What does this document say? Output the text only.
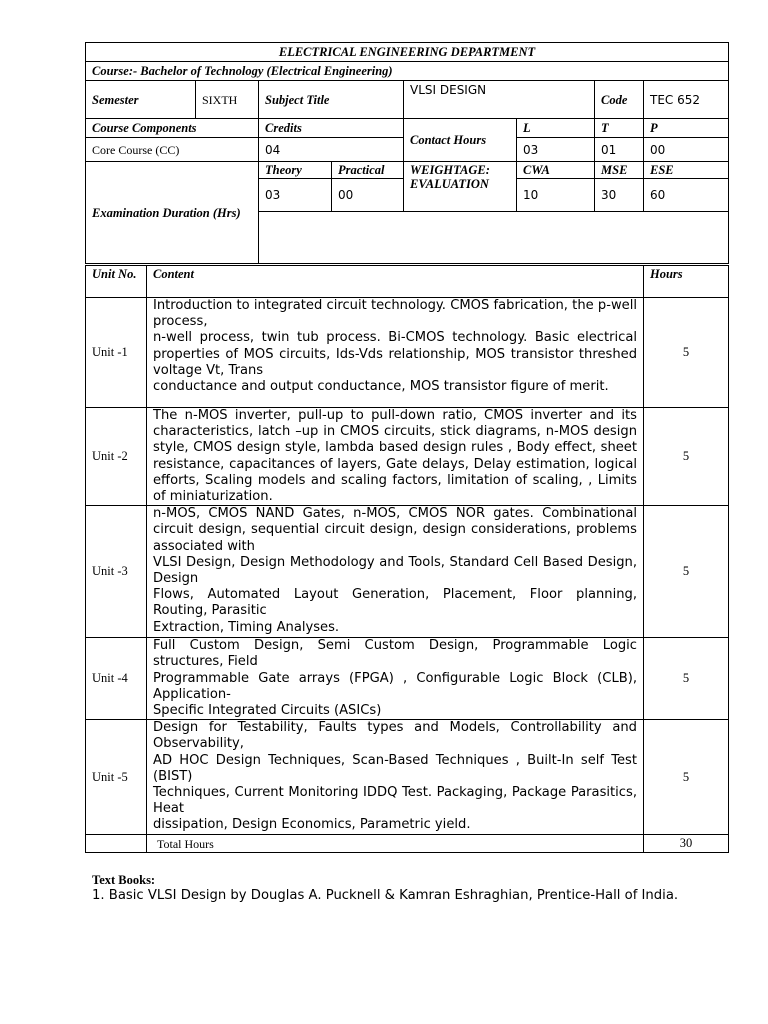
ELECTRICAL ENGINEERING DEPARTMENT							
Course:- Bachelor of Technology (Electrical Engineering)							
Semester	SIXTH	Subject Title		VLSI DESIGN		Code	TEC 652
Course Components		Credits		Contact Hours	L	T	P
Core Course (CC)		04			03	01	00
Examination Duration (Hrs)		Theory	Practical	WEIGHTAGE:
EVALUATION	CWA	MSE	ESE
		03	00		10	30	60

Unit No.	Content	Hours
Unit -1	Introduction to integrated circuit technology. CMOS fabrication, the p-well process,
n-well process, twin tub process. Bi-CMOS technology. Basic electrical properties of MOS circuits, Ids-Vds relationship, MOS transistor threshed voltage Vt, Trans
conductance and output conductance, MOS transistor figure of merit.	5
Unit -2	The n-MOS inverter, pull-up to pull-down ratio, CMOS inverter and its characteristics, latch –up in CMOS circuits, stick diagrams, n-MOS design style, CMOS design style, lambda based design rules , Body effect, sheet resistance, capacitances of layers, Gate delays, Delay estimation, logical efforts, Scaling models and scaling factors, limitation of scaling, , Limits of miniaturization.	5
Unit -3	n-MOS, CMOS NAND Gates, n-MOS, CMOS NOR gates. Combinational circuit design, sequential circuit design, design considerations, problems associated with
VLSI Design, Design Methodology and Tools, Standard Cell Based Design, Design
Flows, Automated Layout Generation, Placement, Floor planning, Routing, Parasitic
Extraction, Timing Analyses.	5
Unit -4	Full Custom Design, Semi Custom Design, Programmable Logic structures, Field
Programmable Gate arrays (FPGA) , Configurable Logic Block (CLB), Application-
Specific Integrated Circuits (ASICs)	5
Unit -5	Design for Testability, Faults types and Models, Controllability and Observability,
AD HOC Design Techniques, Scan-Based Techniques , Built-In self Test (BIST)
Techniques, Current Monitoring IDDQ Test. Packaging, Package Parasitics, Heat
dissipation, Design Economics, Parametric yield.	5
	Total Hours	30
Text Books:
1. Basic VLSI Design by Douglas A. Pucknell & Kamran Eshraghian, Prentice-Hall of India.
